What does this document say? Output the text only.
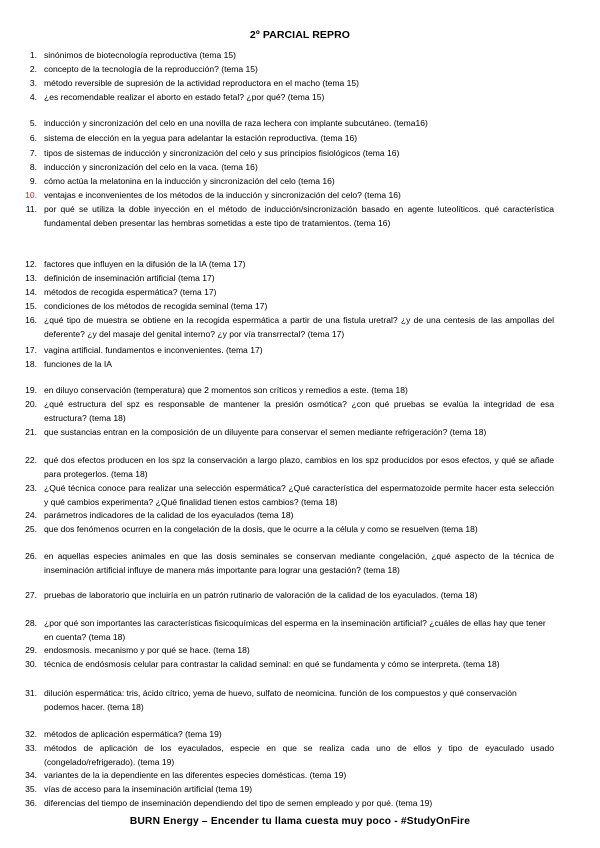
2º PARCIAL REPRO
1. sinónimos de biotecnología reproductiva (tema 15)
2. concepto de la tecnología de la reproducción? (tema 15)
3. método reversible de supresión de la actividad reproductora en el macho (tema 15)
4. ¿es recomendable realizar el aborto en estado fetal? ¿por qué? (tema 15)
5. inducción y sincronización del celo en una novilla de raza lechera con implante subcutáneo. (tema16)
6. sistema de elección en la yegua para adelantar la estación reproductiva. (tema 16)
7. tipos de sistemas de inducción y sincronización del celo y sus principios fisiológicos (tema 16)
8. inducción y sincronización del celo en la vaca. (tema 16)
9. cómo actúa la melatonina en la inducción y sincronización del celo (tema 16)
10. ventajas e inconvenientes de los métodos de la inducción y sincronización del celo? (tema 16)
11. por qué se utiliza la doble inyección en el método de inducción/sincronización basado en agente luteolíticos. qué característica fundamental deben presentar las hembras sometidas a este tipo de tratamientos. (tema 16)
12. factores que influyen en la difusión de la IA (tema 17)
13. definición de inseminación artificial (tema 17)
14. métodos de recogida espermática? (tema 17)
15. condiciones de los métodos de recogida seminal (tema 17)
16. ¿qué tipo de muestra se obtiene en la recogida espermática a partir de una fistula uretral? ¿y de una centesis de las ampollas del deferente? ¿y del masaje del genital interno? ¿y por vía transrrectal? (tema 17)
17. vagina artificial. fundamentos e inconvenientes. (tema 17)
18. funciones de la IA
19. en diluyo conservación (temperatura) que 2 momentos son críticos y remedios a este. (tema 18)
20. ¿qué estructura del spz es responsable de mantener la presión osmótica? ¿con qué pruebas se evalúa la integridad de esa estructura? (tema 18)
21. que sustancias entran en la composición de un diluyente para conservar el semen mediante refrigeración? (tema 18)
22. qué dos efectos producen en los spz la conservación a largo plazo, cambios en los spz producidos por esos efectos, y qué se añade para protegerlos. (tema 18)
23. ¿Qué técnica conoce para realizar una selección espermática? ¿Qué característica del espermatozoide permite hacer esta selección y qué cambios experimenta? ¿Qué finalidad tienen estos cambios? (tema 18)
24. parámetros indicadores de la calidad de los eyaculados (tema 18)
25. que dos fenómenos ocurren en la congelación de la dosis, que le ocurre a la célula y como se resuelven (tema 18)
26. en aquellas especies animales en que las dosis seminales se conservan mediante congelación, ¿qué aspecto de la técnica de inseminación artificial influye de manera más importante para lograr una gestación? (tema 18)
27. pruebas de laboratorio que incluiría en un patrón rutinario de valoración de la calidad de los eyaculados. (tema 18)
28. ¿por qué son importantes las características fisicoquímicas del esperma en la inseminación artificial? ¿cuáles de ellas hay que tener en cuenta? (tema 18)
29. endosmosis. mecanismo y por qué se hace. (tema 18)
30. técnica de endósmosis celular para contrastar la calidad seminal: en qué se fundamenta y cómo se interpreta. (tema 18)
31. dilución espermática: tris, ácido cítrico, yema de huevo, sulfato de neomicina. función de los compuestos y qué conservación podemos hacer. (tema 18)
32. métodos de aplicación espermática? (tema 19)
33. métodos de aplicación de los eyaculados, especie en que se realiza cada uno de ellos y tipo de eyaculado usado (congelado/refrigerado). (tema 19)
34. variantes de la ia dependiente en las diferentes especies domésticas. (tema 19)
35. vías de acceso para la inseminación artificial (tema 19)
36. diferencias del tiempo de inseminación dependiendo del tipo de semen empleado y por qué. (tema 19)
BURN Energy – Encender tu llama cuesta muy poco - #StudyOnFire
